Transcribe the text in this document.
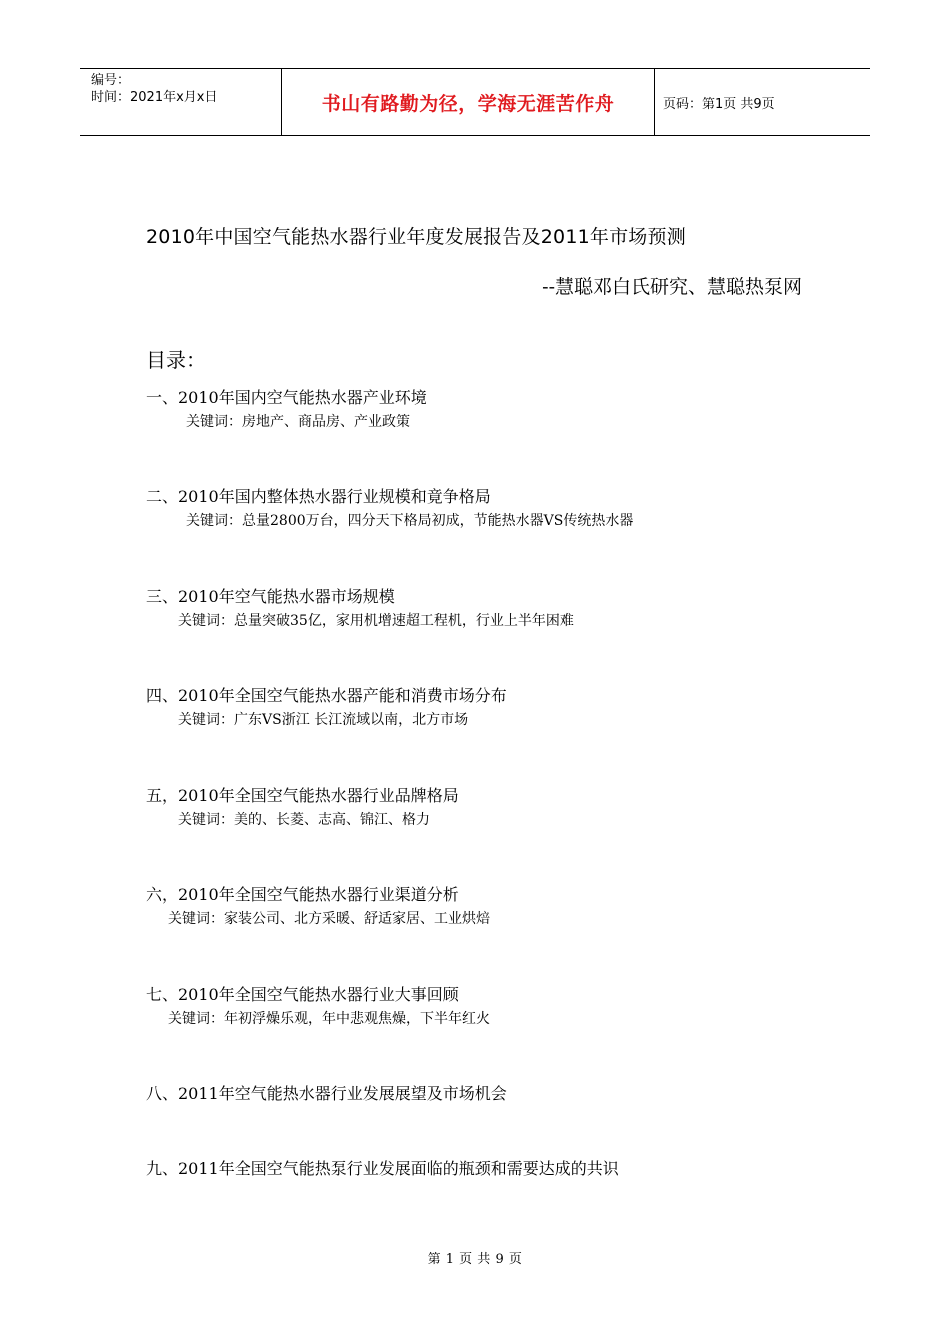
编号：
时间：2021年x月x日	书山有路勤为径，学海无涯苦作舟	页码：第1页 共9页
2010年中国空气能热水器行业年度发展报告及2011年市场预测
--慧聪邓白氏研究、慧聪热泵网
目录：
一、2010年国内空气能热水器产业环境
关键词：房地产、商品房、产业政策
二、2010年国内整体热水器行业规模和竟争格局
关键词：总量2800万台，四分天下格局初成，节能热水器VS传统热水器
三、2010年空气能热水器市场规模
关键词：总量突破35亿，家用机增速超工程机，行业上半年困难
四、2010年全国空气能热水器产能和消费市场分布
关键词：广东VS浙江 长江流域以南，北方市场
五，2010年全国空气能热水器行业品牌格局
关键词：美的、长菱、志高、锦江、格力
六，2010年全国空气能热水器行业渠道分析
关键词：家装公司、北方采暖、舒适家居、工业烘焙
七、2010年全国空气能热水器行业大事回顾
关键词：年初浮燥乐观，年中悲观焦燥，下半年红火
八、2011年空气能热水器行业发展展望及市场机会
九、2011年全国空气能热泵行业发展面临的瓶颈和需要达成的共识
第 1 页 共 9 页
